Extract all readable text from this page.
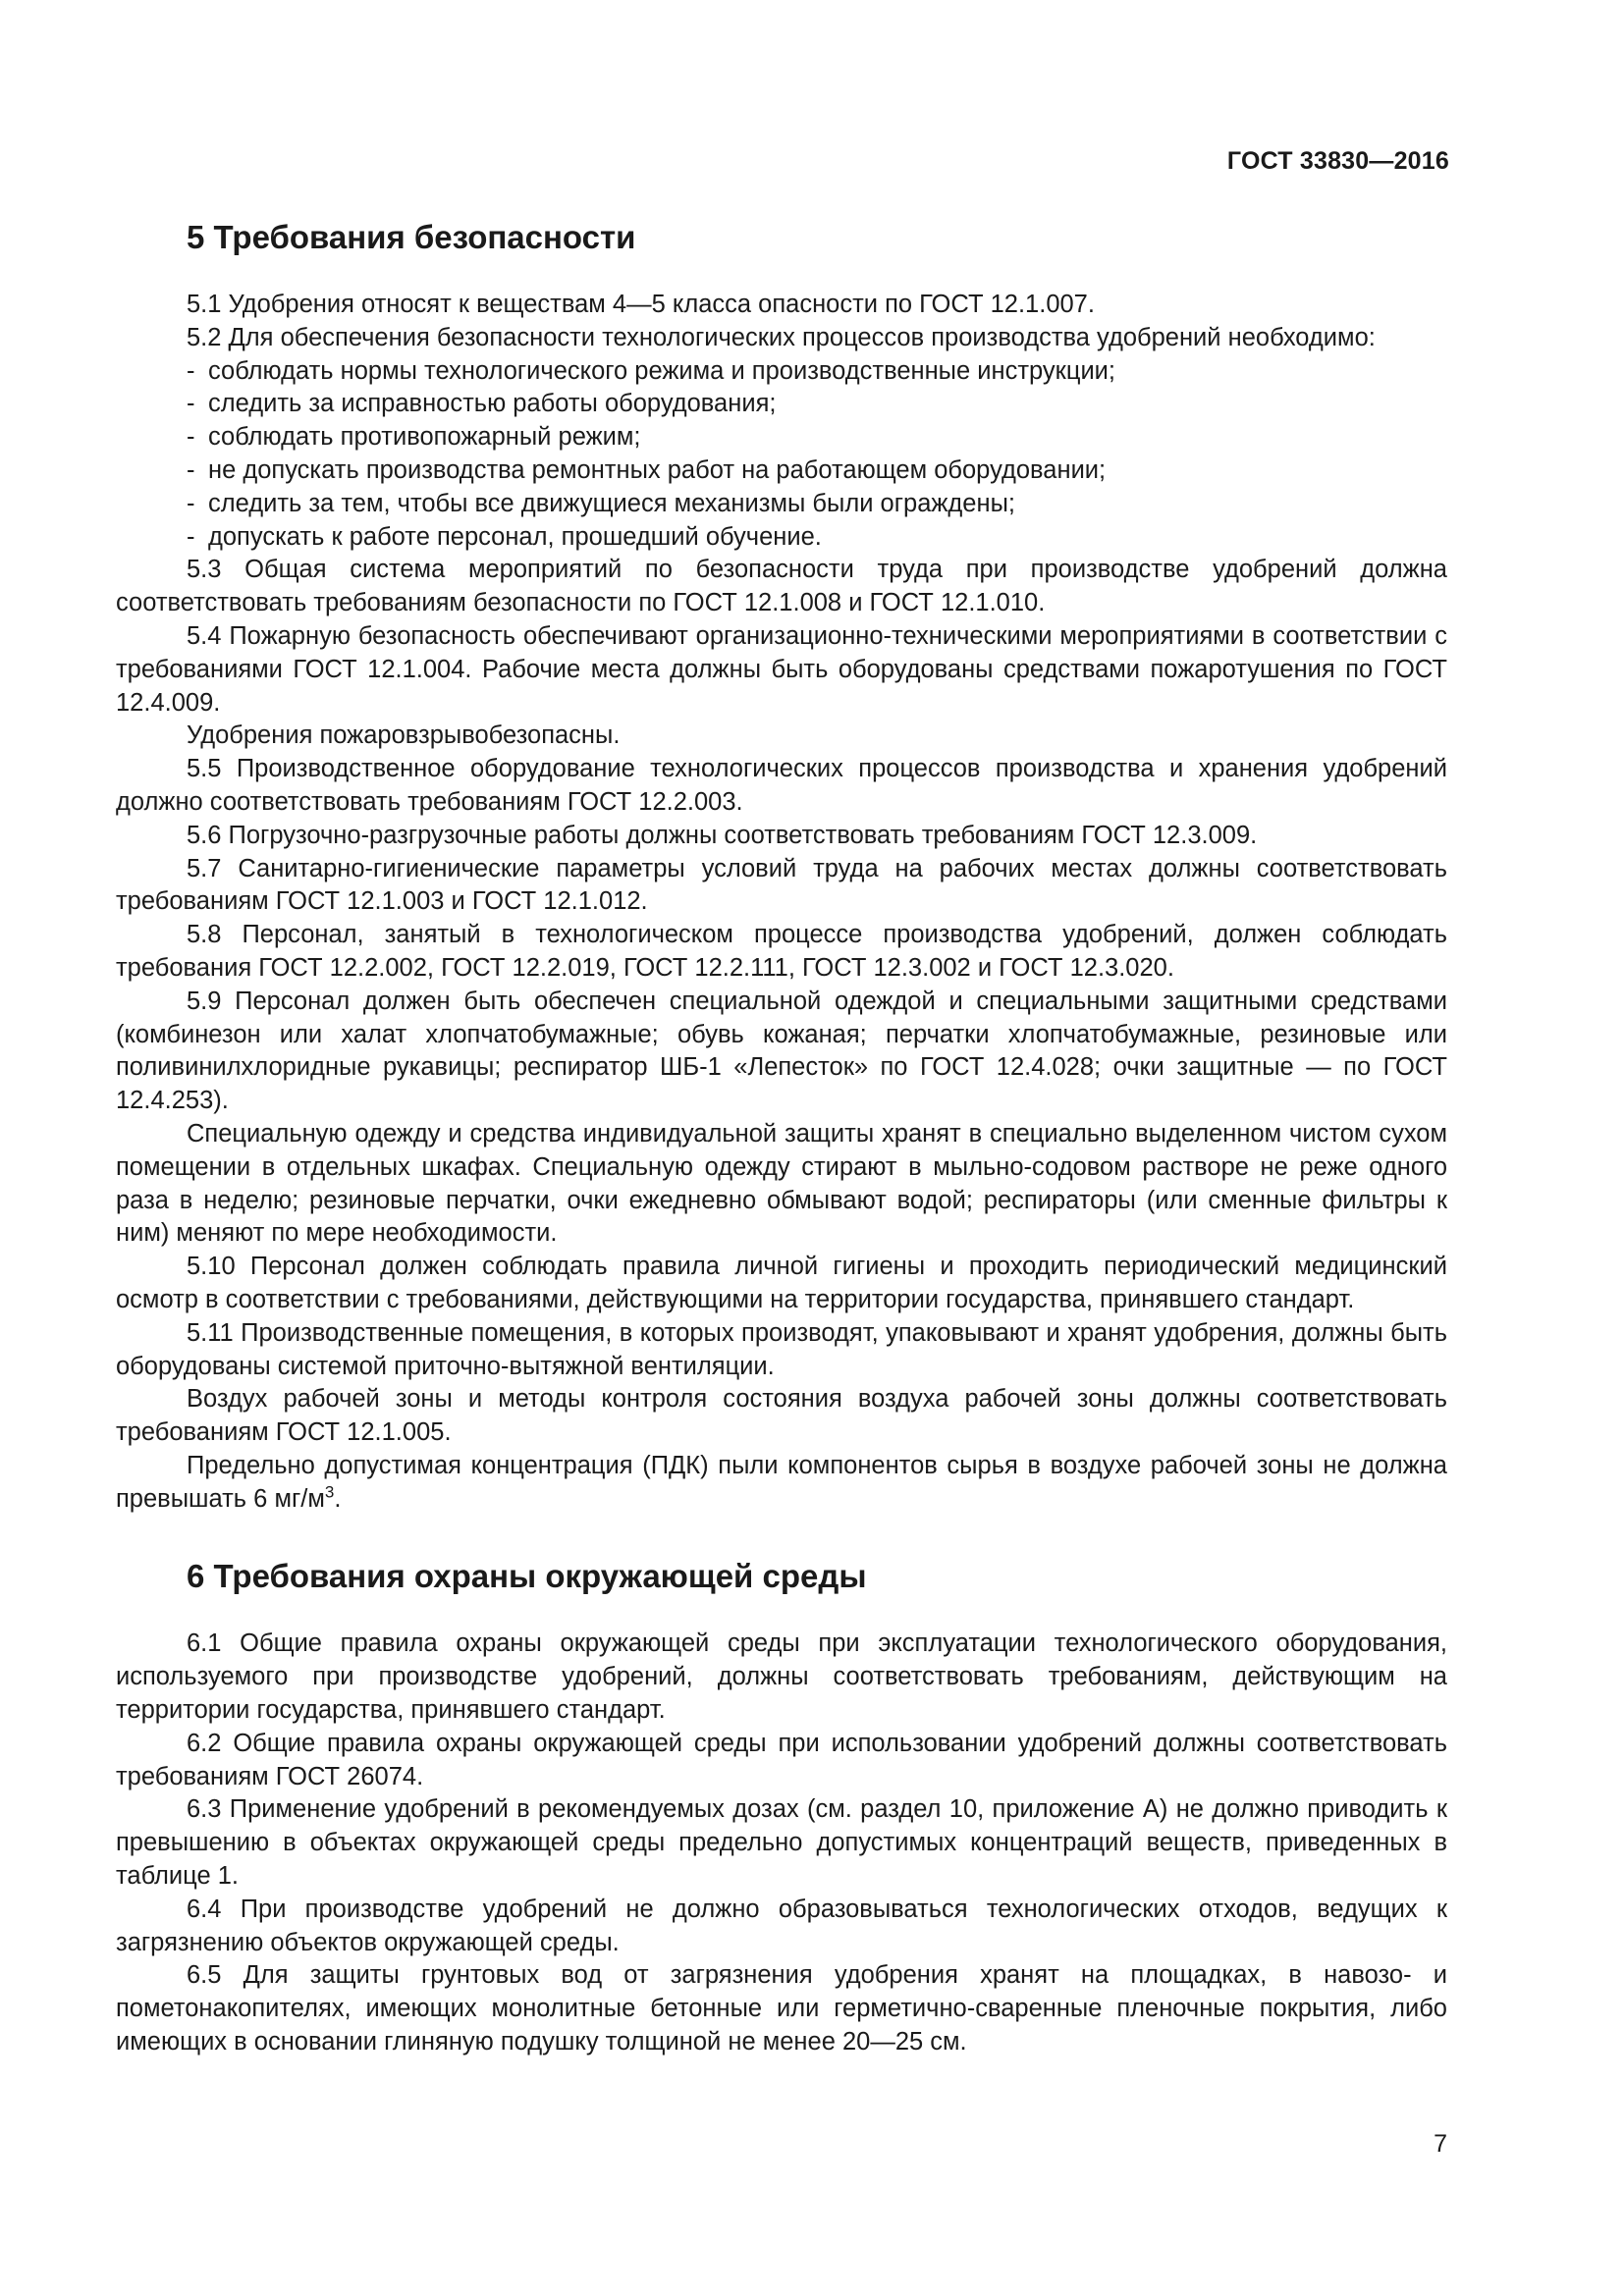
ГОСТ 33830—2016
5 Требования безопасности

5.1 Удобрения относят к веществам 4—5 класса опасности по ГОСТ 12.1.007.

5.2 Для обеспечения безопасности технологических процессов производства удобрений необходимо:

- соблюдать нормы технологического режима и производственные инструкции;
- следить за исправностью работы оборудования;
- соблюдать противопожарный режим;
- не допускать производства ремонтных работ на работающем оборудовании;
- следить за тем, чтобы все движущиеся механизмы были ограждены;
- допускать к работе персонал, прошедший обучение.

5.3 Общая система мероприятий по безопасности труда при производстве удобрений должна соответствовать требованиям безопасности по ГОСТ 12.1.008 и ГОСТ 12.1.010.

5.4 Пожарную безопасность обеспечивают организационно-техническими мероприятиями в соответствии с требованиями ГОСТ 12.1.004. Рабочие места должны быть оборудованы средствами пожаротушения по ГОСТ 12.4.009.

Удобрения пожаровзрывобезопасны.

5.5 Производственное оборудование технологических процессов производства и хранения удобрений должно соответствовать требованиям ГОСТ 12.2.003.

5.6 Погрузочно-разгрузочные работы должны соответствовать требованиям ГОСТ 12.3.009.

5.7 Санитарно-гигиенические параметры условий труда на рабочих местах должны соответствовать требованиям ГОСТ 12.1.003 и ГОСТ 12.1.012.

5.8 Персонал, занятый в технологическом процессе производства удобрений, должен соблюдать требования ГОСТ 12.2.002, ГОСТ 12.2.019, ГОСТ 12.2.111, ГОСТ 12.3.002 и ГОСТ 12.3.020.

5.9 Персонал должен быть обеспечен специальной одеждой и специальными защитными средствами (комбинезон или халат хлопчатобумажные; обувь кожаная; перчатки хлопчатобумажные, резиновые или поливинилхлоридные рукавицы; респиратор ШБ-1 «Лепесток» по ГОСТ 12.4.028; очки защитные — по ГОСТ 12.4.253).

Специальную одежду и средства индивидуальной защиты хранят в специально выделенном чистом сухом помещении в отдельных шкафах. Специальную одежду стирают в мыльно-содовом растворе не реже одного раза в неделю; резиновые перчатки, очки ежедневно обмывают водой; респираторы (или сменные фильтры к ним) меняют по мере необходимости.

5.10 Персонал должен соблюдать правила личной гигиены и проходить периодический медицинский осмотр в соответствии с требованиями, действующими на территории государства, принявшего стандарт.

5.11 Производственные помещения, в которых производят, упаковывают и хранят удобрения, должны быть оборудованы системой приточно-вытяжной вентиляции.

Воздух рабочей зоны и методы контроля состояния воздуха рабочей зоны должны соответствовать требованиям ГОСТ 12.1.005.

Предельно допустимая концентрация (ПДК) пыли компонентов сырья в воздухе рабочей зоны не должна превышать 6 $мг/м^3$.

6 Требования охраны окружающей среды

6.1 Общие правила охраны окружающей среды при эксплуатации технологического оборудования, используемого при производстве удобрений, должны соответствовать требованиям, действующим на территории государства, принявшего стандарт.

6.2 Общие правила охраны окружающей среды при использовании удобрений должны соответствовать требованиям ГОСТ 26074.

6.3 Применение удобрений в рекомендуемых дозах (см. раздел 10, приложение А) не должно приводить к превышению в объектах окружающей среды предельно допустимых концентраций веществ, приведенных в таблице 1.

6.4 При производстве удобрений не должно образовываться технологических отходов, ведущих к загрязнению объектов окружающей среды.

6.5 Для защиты грунтовых вод от загрязнения удобрения хранят на площадках, в навозо- и пометонакопителях, имеющих монолитные бетонные или герметично-сваренные пленочные покрытия, либо имеющих в основании глиняную подушку толщиной не менее 20—25 см.

7
